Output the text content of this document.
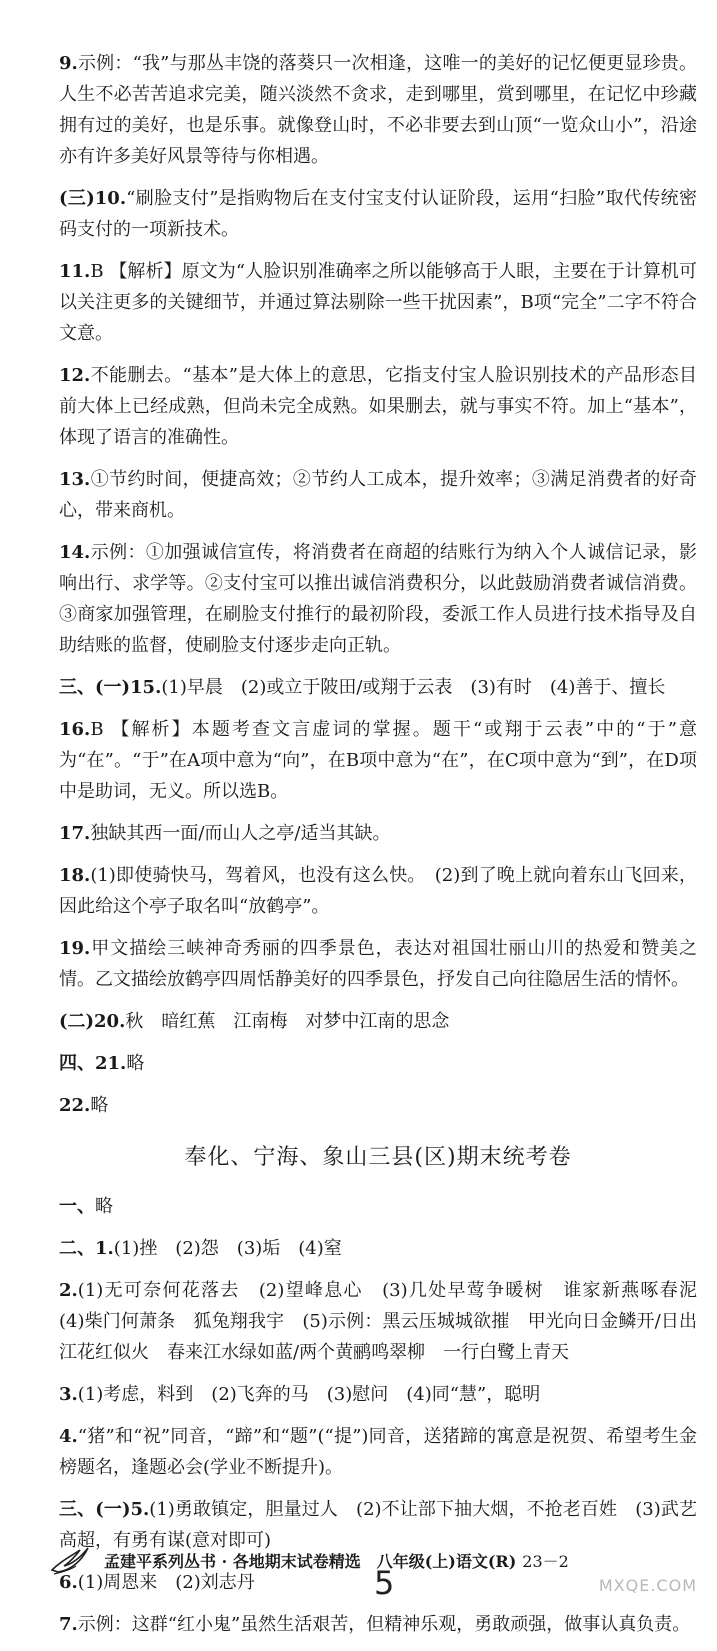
9.示例：“我”与那丛丰饶的落葵只一次相逢，这唯一的美好的记忆便更显珍贵。人生不必苦苦追求完美，随兴淡然不贪求，走到哪里，赏到哪里，在记忆中珍藏拥有过的美好，也是乐事。就像登山时，不必非要去到山顶“一览众山小”，沿途亦有许多美好风景等待与你相遇。
(三)10.“刷脸支付”是指购物后在支付宝支付认证阶段，运用“扫脸”取代传统密码支付的一项新技术。
11.B 【解析】原文为“人脸识别准确率之所以能够高于人眼，主要在于计算机可以关注更多的关键细节，并通过算法剔除一些干扰因素”，B项“完全”二字不符合文意。
12.不能删去。“基本”是大体上的意思，它指支付宝人脸识别技术的产品形态目前大体上已经成熟，但尚未完全成熟。如果删去，就与事实不符。加上“基本”，体现了语言的准确性。
13.①节约时间，便捷高效；②节约人工成本，提升效率；③满足消费者的好奇心，带来商机。
14.示例：①加强诚信宣传，将消费者在商超的结账行为纳入个人诚信记录，影响出行、求学等。②支付宝可以推出诚信消费积分，以此鼓励消费者诚信消费。③商家加强管理，在刷脸支付推行的最初阶段，委派工作人员进行技术指导及自助结账的监督，使刷脸支付逐步走向正轨。
三、(一)15.(1)早晨　(2)或立于陂田/或翔于云表　(3)有时　(4)善于、擅长
16.B 【解析】本题考查文言虚词的掌握。题干“或翔于云表”中的“于”意为“在”。“于”在A项中意为“向”，在B项中意为“在”，在C项中意为“到”，在D项中是助词，无义。所以选B。
17.独缺其西一面/而山人之亭/适当其缺。
18.(1)即使骑快马，驾着风，也没有这么快。　(2)到了晚上就向着东山飞回来，因此给这个亭子取名叫“放鹤亭”。
19.甲文描绘三峡神奇秀丽的四季景色，表达对祖国壮丽山川的热爱和赞美之情。乙文描绘放鹤亭四周恬静美好的四季景色，抒发自己向往隐居生活的情怀。
(二)20.秋　暗红蕉　江南梅　对梦中江南的思念
四、21.略
22.略
奉化、宁海、象山三县(区)期末统考卷
一、略
二、1.(1)挫　(2)怨　(3)垢　(4)窒
2.(1)无可奈何花落去　(2)望峰息心　(3)几处早莺争暖树　谁家新燕啄春泥　(4)柴门何萧条　狐兔翔我宇　(5)示例：黑云压城城欲摧　甲光向日金鳞开/日出江花红似火　春来江水绿如蓝/两个黄鹂鸣翠柳　一行白鹭上青天
3.(1)考虑，料到　(2)飞奔的马　(3)慰问　(4)同“慧”，聪明
4.“猪”和“祝”同音，“蹄”和“题”(“提”)同音，送猪蹄的寓意是祝贺、希望考生金榜题名，逢题必会(学业不断提升)。
三、(一)5.(1)勇敢镇定，胆量过人　(2)不让部下抽大烟，不抢老百姓　(3)武艺高超，有勇有谋(意对即可)
6.(1)周恩来　(2)刘志丹
7.示例：这群“红小鬼”虽然生活艰苦，但精神乐观，勇敢顽强，做事认真负责。
孟建平系列丛书 · 各地期末试卷精选　八年级(上)语文(R) 23－2
5	MXQE.COM
